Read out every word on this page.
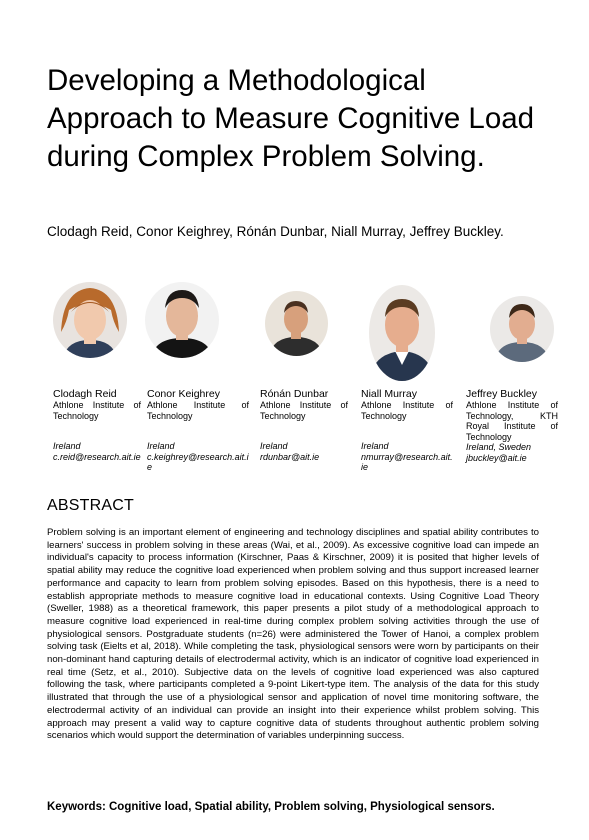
Developing a Methodological Approach to Measure Cognitive Load during Complex Problem Solving.
Clodagh Reid, Conor Keighrey, Rónán Dunbar, Niall Murray, Jeffrey Buckley.
Clodagh Reid
Athlone Institute of Technology
Ireland
c.reid@research.ait.ie
Conor Keighrey
Athlone Institute of Technology
Ireland
c.keighrey@research.ait.ie
Rónán Dunbar
Athlone Institute of Technology
Ireland
rdunbar@ait.ie
Niall Murray
Athlone Institute of Technology
Ireland
nmurray@research.ait.ie
Jeffrey Buckley
Athlone Institute of Technology, KTH Royal Institute of Technology
Ireland, Sweden
jbuckley@ait.ie
ABSTRACT

Problem solving is an important element of engineering and technology disciplines and spatial ability contributes to learners' success in problem solving in these areas (Wai, et al., 2009). As excessive cognitive load can impede an individual's capacity to process information (Kirschner, Paas & Kirschner, 2009) it is posited that higher levels of spatial ability may reduce the cognitive load experienced when problem solving and thus support increased learner performance and capacity to learn from problem solving episodes. Based on this hypothesis, there is a need to establish appropriate methods to measure cognitive load in educational contexts. Using Cognitive Load Theory (Sweller, 1988) as a theoretical framework, this paper presents a pilot study of a methodological approach to measure cognitive load experienced in real-time during complex problem solving activities through the use of physiological sensors. Postgraduate students (n=26) were administered the Tower of Hanoi, a complex problem solving task (Eielts et al, 2018). While completing the task, physiological sensors were worn by participants on their non-dominant hand capturing details of electrodermal activity, which is an indicator of cognitive load experienced in real time (Setz, et al., 2010). Subjective data on the levels of cognitive load experienced was also captured following the task, where participants completed a 9-point Likert-type item. The analysis of the data for this study illustrated that through the use of a physiological sensor and application of novel time monitoring software, the electrodermal activity of an individual can provide an insight into their experience whilst problem solving. This approach may present a valid way to capture cognitive data of students throughout authentic problem solving scenarios which would support the determination of variables underpinning success.

Keywords: Cognitive load, Spatial ability, Problem solving, Physiological sensors.
